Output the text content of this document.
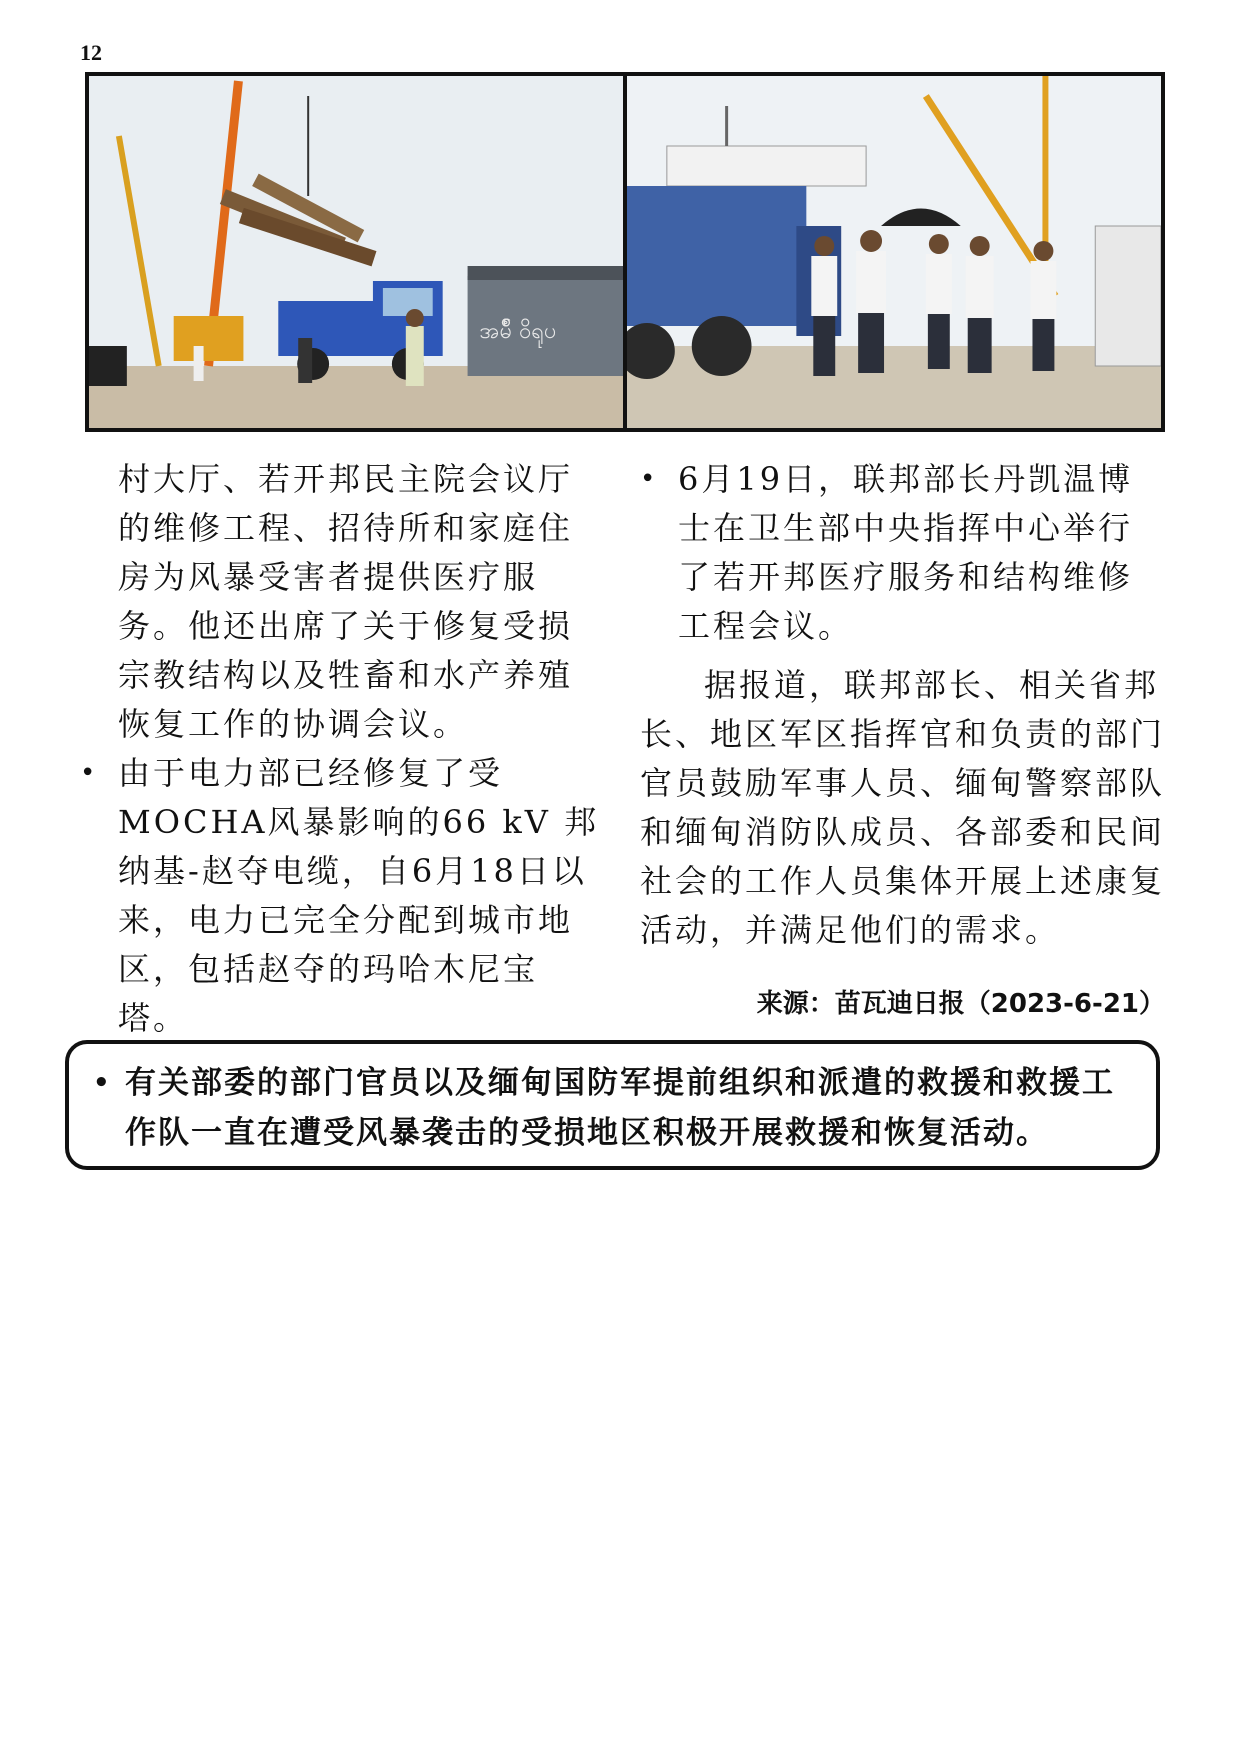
12
အမ်ိဳ ဝိရုပ

村大厅、若开邦民主院会议厅的维修工程、招待所和家庭住房为风暴受害者提供医疗服务。他还出席了关于修复受损宗教结构以及牲畜和水产养殖恢复工作的协调会议。

• 由于电力部已经修复了受MOCHA风暴影响的66 kV 邦纳基-赵夺电缆，自6月18日以来，电力已完全分配到城市地区，包括赵夺的玛哈木尼宝塔。

• 6月19日，联邦部长丹凯温博士在卫生部中央指挥中心举行了若开邦医疗服务和结构维修工程会议。

据报道，联邦部长、相关省邦长、地区军区指挥官和负责的部门官员鼓励军事人员、缅甸警察部队和缅甸消防队成员、各部委和民间社会的工作人员集体开展上述康复活动，并满足他们的需求。

来源：苗瓦迪日报（2023-6-21）
• 有关部委的部门官员以及缅甸国防军提前组织和派遣的救援和救援工作队一直在遭受风暴袭击的受损地区积极开展救援和恢复活动。
